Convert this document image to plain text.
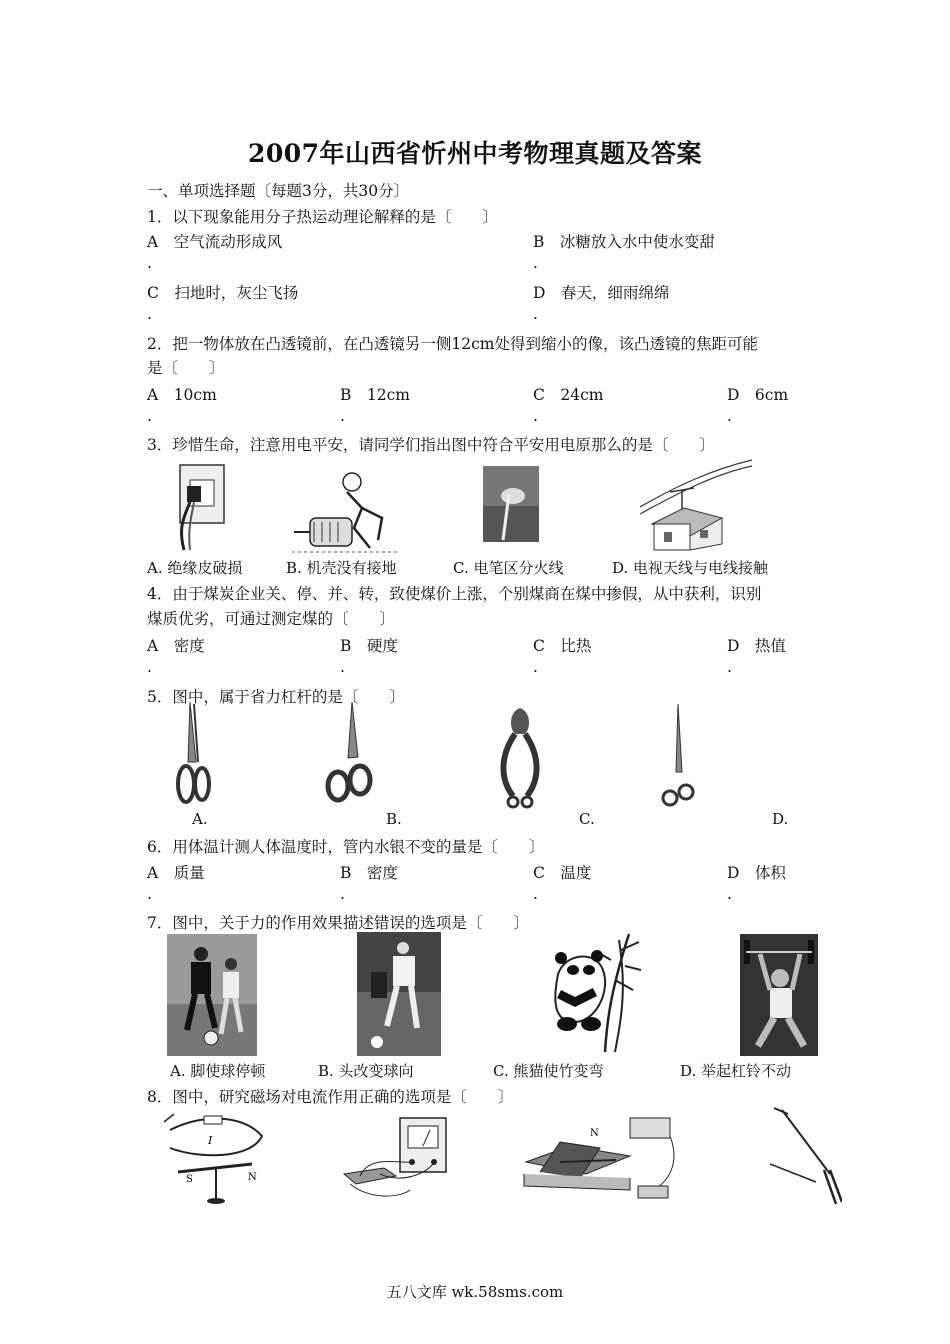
2007年山西省忻州中考物理真题及答案
一、单项选择题〔每题3分，共30分〕
1．以下现象能用分子热运动理论解释的是〔　　〕
A　空气流动形成风	B　冰糖放入水中使水变甜
.	.
C　扫地时，灰尘飞扬	D　春天，细雨绵绵
.	.
2．把一物体放在凸透镜前，在凸透镜另一侧12cm处得到缩小的像，该凸透镜的焦距可能
是〔　　〕
A　10cm	B　12cm	C　24cm	D　6cm
.	.	.	.
3．珍惜生命，注意用电平安，请同学们指出图中符合平安用电原那么的是〔　　〕
A. 绝缘皮破损	B. 机壳没有接地	C. 电笔区分火线	D. 电视天线与电线接触
4．由于煤炭企业关、停、并、转，致使煤价上涨，个别煤商在煤中掺假，从中获利，识别
煤质优劣，可通过测定煤的〔　　〕
A　密度	B　硬度	C　比热	D　热值
.	.	.	.
5．图中，属于省力杠杆的是〔　　〕
A.	B.	C.	D.
6．用体温计测人体温度时，管内水银不变的量是〔　　〕
A　质量	B　密度	C　温度	D　体积
.	.	.	.
7．图中，关于力的作用效果描述错误的选项是〔　　〕
A. 脚使球停顿	B. 头改变球向	C. 熊猫使竹变弯	D. 举起杠铃不动
8．图中，研究磁场对电流作用正确的选项是〔　　〕
I
S	N
N
五八文库 wk.58sms.com
